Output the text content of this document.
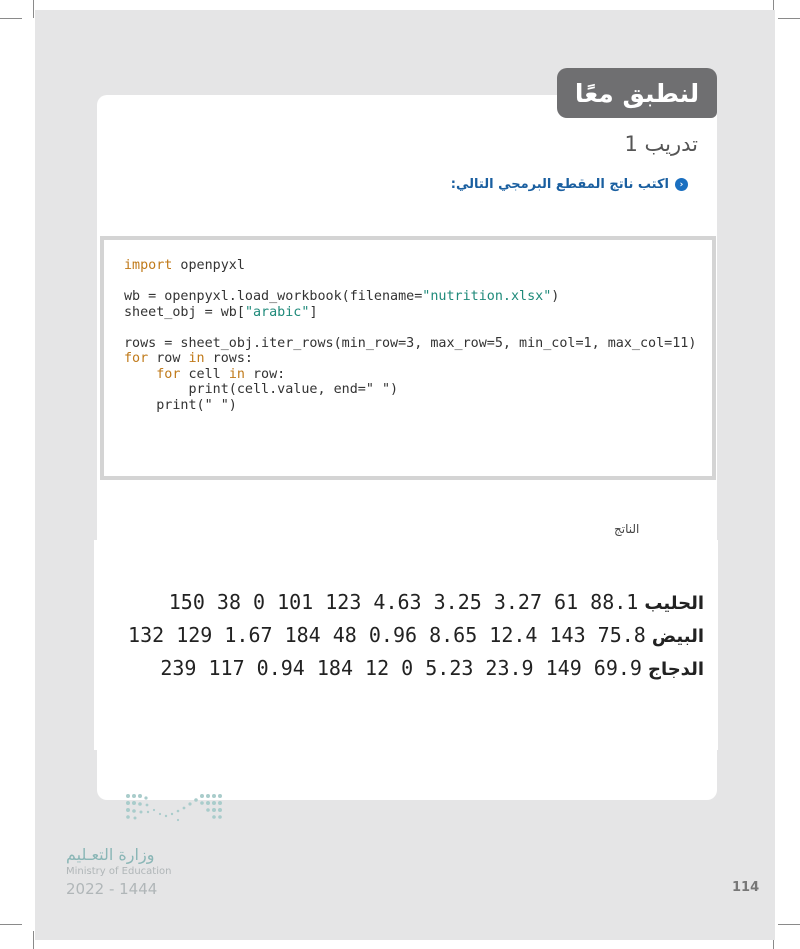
لنطبق معًا
تدريب 1
‹
اكتب ناتج المقطع البرمجي التالي:
import openpyxl

wb = openpyxl.load_workbook(filename="nutrition.xlsx")
sheet_obj = wb["arabic"]

rows = sheet_obj.iter_rows(min_row=3, max_row=5, min_col=1, max_col=11)
for row in rows:
for cell in row:
print(cell.value, end=" ")
print(" ")
الناتج
الحليب
150 38 0 101 123 4.63 3.25 3.27 61 88.1
البيض
132 129 1.67 184 48 0.96 8.65 12.4 143 75.8
الدجاج
239 117 0.94 184 12 0 5.23 23.9 149 69.9
وزارة التعـليم
Ministry of Education
2022 - 1444	114
